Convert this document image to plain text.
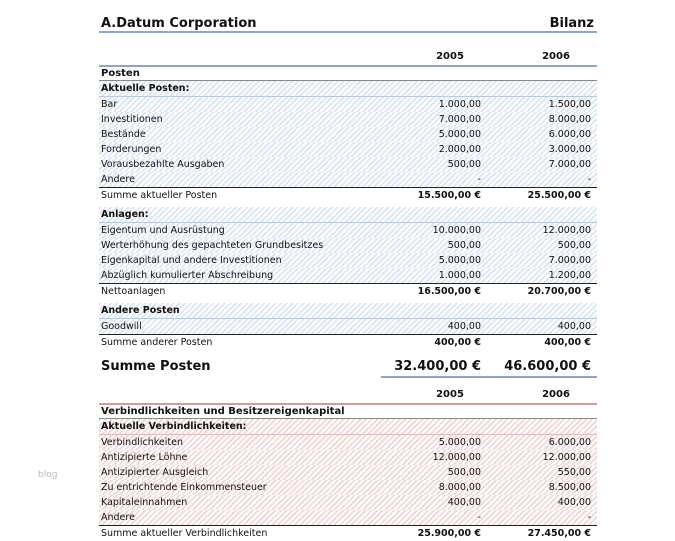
blog
A.Datum Corporation	Bilanz
2005	2006
Posten
Aktuelle Posten:
Bar	1.000,00	1.500,00
Investitionen	7.000,00	8.000,00
Bestände	5.000,00	6.000,00
Forderungen	2.000,00	3.000,00
Vorausbezahlte Ausgaben	500,00	7.000,00
Andere	-	-
Summe aktueller Posten	15.500,00 €	25.500,00 €
Anlagen:
Eigentum und Ausrüstung	10.000,00	12.000,00
Werterhöhung des gepachteten Grundbesitzes	500,00	500,00
Eigenkapital und andere Investitionen	5.000,00	7.000,00
Abzüglich kumulierter Abschreibung	1.000,00	1.200,00
Nettoanlagen	16.500,00 €	20.700,00 €
Andere Posten
Goodwill	400,00	400,00
Summe anderer Posten	400,00 €	400,00 €
Summe Posten	32.400,00 €	46.600,00 €
2005	2006
Verbindlichkeiten und Besitzereigenkapital
Aktuelle Verbindlichkeiten:
Verbindlichkeiten	5.000,00	6.000,00
Antizipierte Löhne	12.000,00	12.000,00
Antizipierter Ausgleich	500,00	550,00
Zu entrichtende Einkommensteuer	8.000,00	8.500,00
Kapitaleinnahmen	400,00	400,00
Andere	-	-
Summe aktueller Verbindlichkeiten	25.900,00 €	27.450,00 €
